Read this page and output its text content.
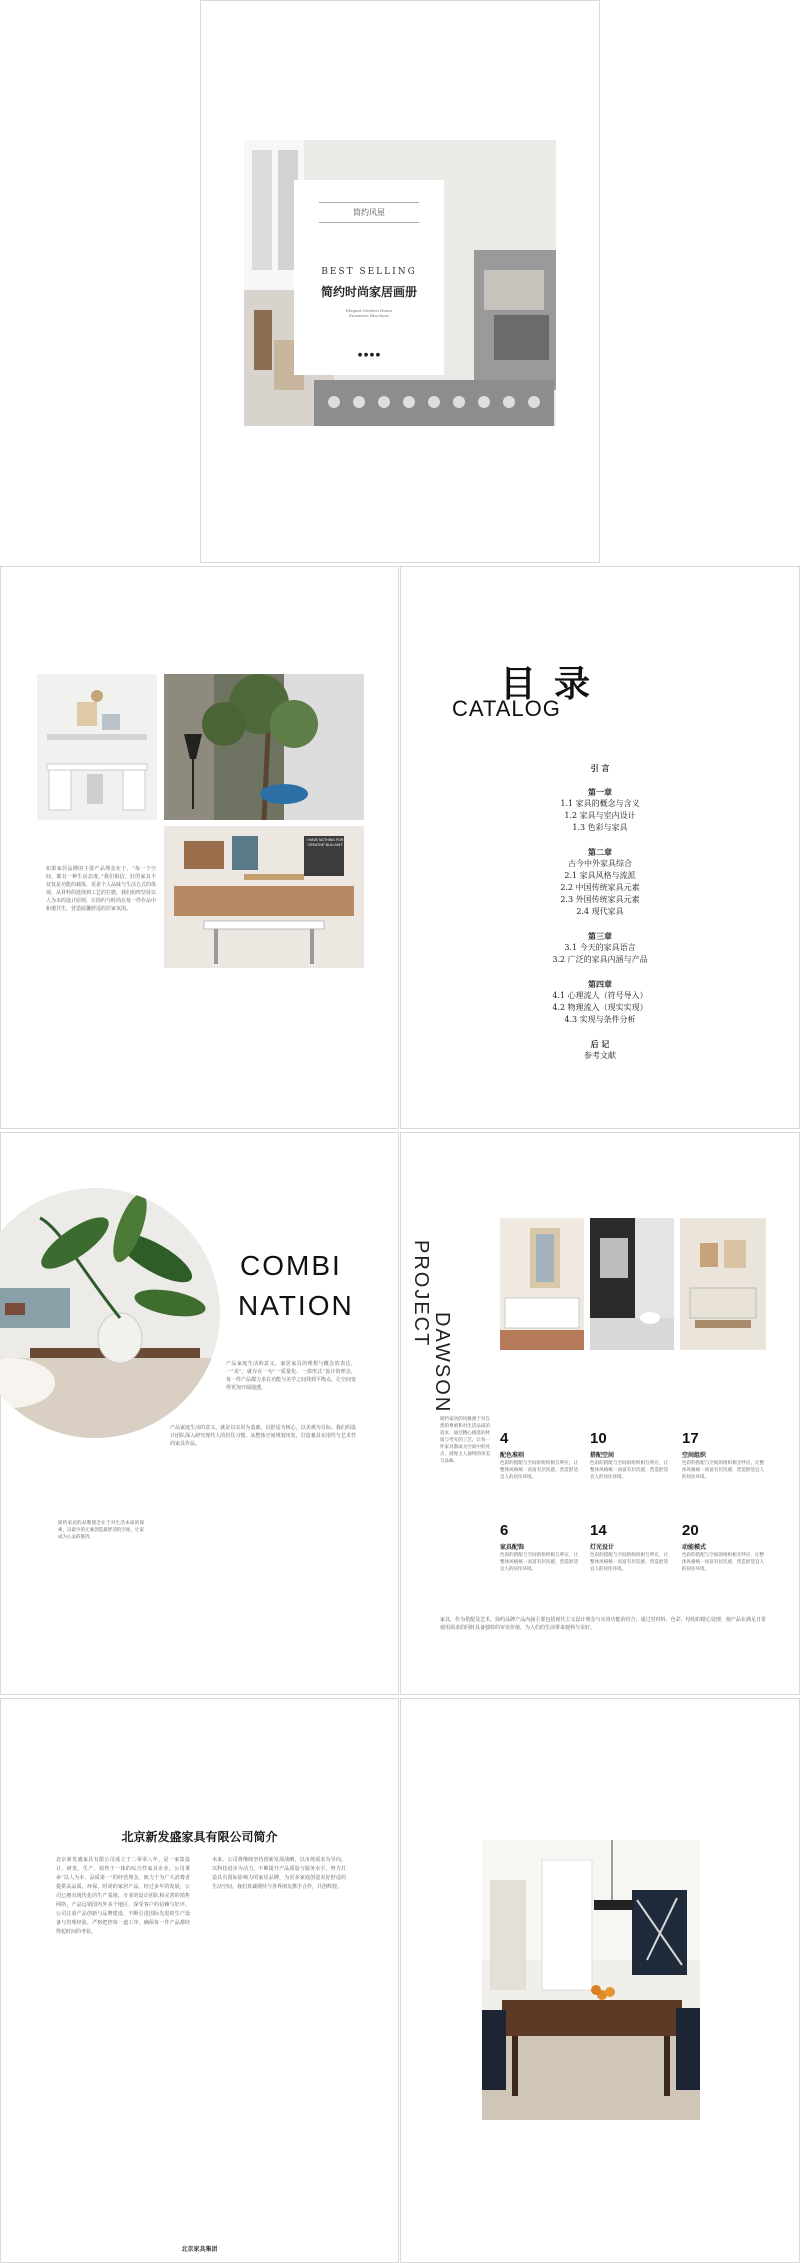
简约风屋
BEST SELLING
简约时尚家居画册
Elegant Modern Home
Furniture Brochure
● ● ● ●
I HAVE NOTHING FOR CREATIVE BULLSHIT
如果家居品牌的主要产品理念在于，“每一个空间，都有一种生活态度。”我们相信，好的家具不仅仅是功能的载体，更是个人品味与生活方式的体现。从材料的选择到工艺的打磨，我们始终坚持以人为本的设计原则，让简约与时尚在每一件作品中和谐共生，营造温馨舒适的居家氛围。
目 录
CATALOG
引 言
第一章
1.1 家具的概念与含义
1.2 家具与室内设计
1.3 色彩与家具
第二章
古今中外家具综合
2.1 家具风格与流派
2.2 中国传统家具元素
2.3 外国传统家具元素
2.4 现代家具
第三章
3.1 今天的家具语言
3.2 广泛的家具内涵与产品
第四章
4.1 心理流人（符号导入）
4.2 物理流入（现实实现）
4.3 实现与条件分析
后 记
参考文献
COMBI
NATION
产品家庭生活的意义，家居家具的理想与概念的表达，一“美”，就存在一句“一质量化、一部形式”设计的理念，每一件产品都力求在功能与美学之间找到平衡点，让空间变得更加开阔通透。
产品家庭生活的意义，就是以实用为基础，以舒适为核心，以美观为目标。我们的设计团队深入研究现代人的居住习惯，从整体空间规划出发，打造兼具实用性与艺术性的家具作品。
简约家居的品牌理念在于对生活本质的探索，以最少的元素创造最舒适的空间，让家成为心灵的港湾。
DAWSON
PROJECT
简约家居的风格源于对自然的尊重和对生活品质的追求，通过精心挑选的材质与考究的工艺，让每一件家具都成为空间中的亮点，展现主人独特的审美与品味。
4
配色准则
色彩的搭配与空间的组织相互呼应，让整体风格统一而富有层次感，营造舒适宜人的居住环境。
10
搭配空间
色彩的搭配与空间的组织相互呼应，让整体风格统一而富有层次感，营造舒适宜人的居住环境。
17
空间组织
色彩的搭配与空间的组织相互呼应，让整体风格统一而富有层次感，营造舒适宜人的居住环境。
6
家具配饰
色彩的搭配与空间的组织相互呼应，让整体风格统一而富有层次感，营造舒适宜人的居住环境。
14
灯光设计
色彩的搭配与空间的组织相互呼应，让整体风格统一而富有层次感，营造舒适宜人的居住环境。
20
动能模式
色彩的搭配与空间的组织相互呼应，让整体风格统一而富有层次感，营造舒适宜人的居住环境。
家具，作为搭配及艺术，简约品牌产品内涵主要包括现代主义设计理念与实用功能的结合，通过对材料、色彩、结构的精心处理，使产品在满足日常使用需求的同时具备独特的审美价值，为人们的生活带来便利与美好。
北京新发盛家具有限公司简介
北京新发盛家具有限公司成立于二零零八年，是一家集设计、研发、生产、销售于一体的综合性家具企业。公司秉承“以人为本、品质第一”的经营理念，致力于为广大消费者提供高品质、环保、时尚的家居产品。经过多年的发展，公司已拥有现代化的生产基地、专业的设计团队和完善的销售网络，产品远销国内外多个地区，深受客户的信赖与好评。公司注重产品创新与品牌建设，不断引进国际先进的生产设备与管理经验，严格把控每一道工序，确保每一件产品都经得起时间的考验。
未来，公司将继续坚持创新发展战略，以市场需求为导向，以科技进步为动力，不断提升产品质量与服务水平，努力打造具有国际影响力的家居品牌，为更多家庭创造美好舒适的生活空间。我们真诚期待与各界朋友携手合作，共创辉煌。
北京家具集团
